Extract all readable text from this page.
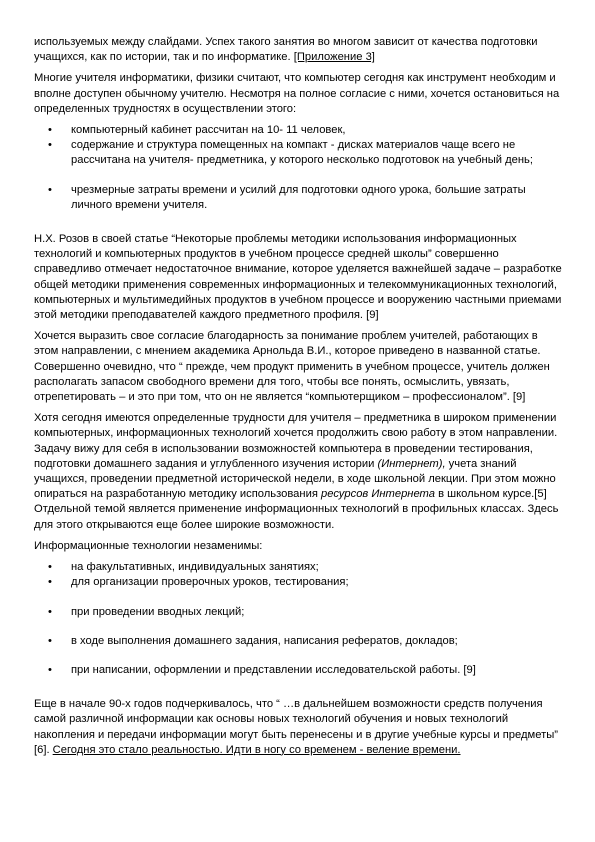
используемых между слайдами. Успех такого занятия во многом зависит от качества подготовки учащихся, как по истории, так и по информатике. [Приложение 3]

Многие учителя информатики, физики считают, что компьютер сегодня как инструмент необходим и вполне доступен обычному учителю. Несмотря на полное согласие с ними, хочется остановиться на определенных трудностях в осуществлении этого:

• компьютерный кабинет рассчитан на 10- 11 человек,
• содержание и структура помещенных на компакт - дисках материалов чаще всего не рассчитана на учителя- предметника, у которого несколько подготовок на учебный день;
• чрезмерные затраты времени и усилий для подготовки одного урока, большие затраты личного времени учителя.

Н.Х. Розов в своей статье “Некоторые проблемы методики использования информационных технологий и компьютерных продуктов в учебном процессе средней школы” совершенно справедливо отмечает недостаточное внимание, которое уделяется важнейшей задаче – разработке общей методики применения современных информационных и телекоммуникационных технологий, компьютерных и мультимедийных продуктов в учебном процессе и вооружению частными приемами этой методики преподавателей каждого предметного профиля. [9]

Хочется выразить свое согласие благодарность за понимание проблем учителей, работающих в этом направлении, с мнением академика Арнольда В.И., которое приведено в названной статье. Совершенно очевидно, что “ прежде, чем продукт применить в учебном процессе, учитель должен располагать запасом свободного времени для того, чтобы все понять, осмыслить, увязать, отрепетировать – и это при том, что он не является “компьютерщиком – профессионалом”. [9]

Хотя сегодня имеются определенные трудности для учителя – предметника в широком применении компьютерных, информационных технологий хочется продолжить свою работу в этом направлении. Задачу вижу для себя в использовании возможностей компьютера в проведении тестирования, подготовки домашнего задания и углубленного изучения истории (Интернет), учета знаний учащихся, проведении предметной исторической недели, в ходе школьной лекции. При этом можно опираться на разработанную методику использования ресурсов Интернета в школьном курсе.[5] Отдельной темой является применение информационных технологий в профильных классах. Здесь для этого открываются еще более широкие возможности.

Информационные технологии незаменимы:

• на факультативных, индивидуальных занятиях;
• для организации проверочных уроков, тестирования;
• при проведении вводных лекций;
• в ходе выполнения домашнего задания, написания рефератов, докладов;
• при написании, оформлении и представлении исследовательской работы. [9]

Еще в начале 90-х годов подчеркивалось, что “ …в дальнейшем возможности средств получения самой различной информации как основы новых технологий обучения и новых технологий накопления и передачи информации могут быть перенесены и в другие учебные курсы и предметы” [6]. Сегодня это стало реальностью. Идти в ногу со временем - веление времени.
